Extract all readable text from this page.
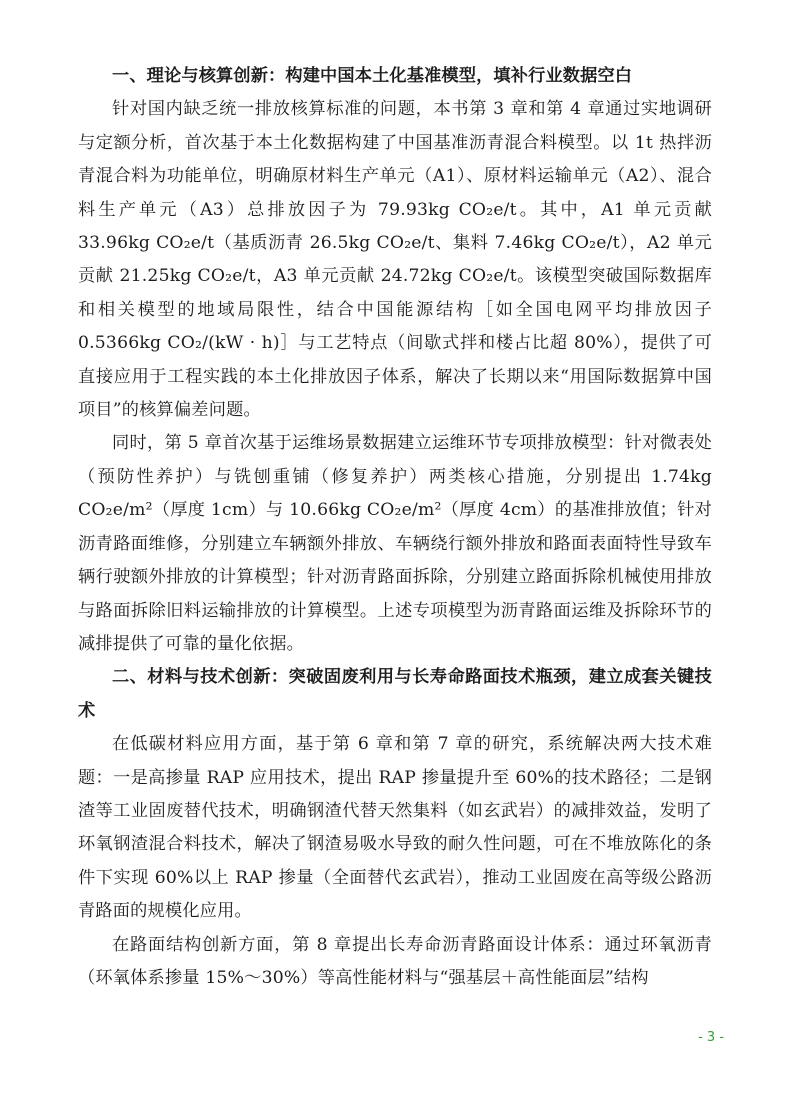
一、理论与核算创新：构建中国本土化基准模型，填补行业数据空白

针对国内缺乏统一排放核算标准的问题，本书第 3 章和第 4 章通过实地调研与定额分析，首次基于本土化数据构建了中国基准沥青混合料模型。以 1t 热拌沥青混合料为功能单位，明确原材料生产单元（A1）、原材料运输单元（A2）、混合料生产单元（A3）总排放因子为 79.93kg CO₂e/t。其中，A1 单元贡献 33.96kg CO₂e/t（基质沥青 26.5kg CO₂e/t、集料 7.46kg CO₂e/t），A2 单元贡献 21.25kg CO₂e/t，A3 单元贡献 24.72kg CO₂e/t。该模型突破国际数据库和相关模型的地域局限性，结合中国能源结构［如全国电网平均排放因子 0.5366kg CO₂/(kW · h)］与工艺特点（间歇式拌和楼占比超 80%），提供了可直接应用于工程实践的本土化排放因子体系，解决了长期以来“用国际数据算中国项目”的核算偏差问题。

同时，第 5 章首次基于运维场景数据建立运维环节专项排放模型：针对微表处（预防性养护）与铣刨重铺（修复养护）两类核心措施，分别提出 1.74kg CO₂e/m²（厚度 1cm）与 10.66kg CO₂e/m²（厚度 4cm）的基准排放值；针对沥青路面维修，分别建立车辆额外排放、车辆绕行额外排放和路面表面特性导致车辆行驶额外排放的计算模型；针对沥青路面拆除，分别建立路面拆除机械使用排放与路面拆除旧料运输排放的计算模型。上述专项模型为沥青路面运维及拆除环节的减排提供了可靠的量化依据。

二、材料与技术创新：突破固废利用与长寿命路面技术瓶颈，建立成套关键技术

在低碳材料应用方面，基于第 6 章和第 7 章的研究，系统解决两大技术难题：一是高掺量 RAP 应用技术，提出 RAP 掺量提升至 60%的技术路径；二是钢渣等工业固废替代技术，明确钢渣代替天然集料（如玄武岩）的减排效益，发明了环氧钢渣混合料技术，解决了钢渣易吸水导致的耐久性问题，可在不堆放陈化的条件下实现 60%以上 RAP 掺量（全面替代玄武岩），推动工业固废在高等级公路沥青路面的规模化应用。

在路面结构创新方面，第 8 章提出长寿命沥青路面设计体系：通过环氧沥青（环氧体系掺量 15%～30%）等高性能材料与“强基层＋高性能面层”结构

- 3 -
